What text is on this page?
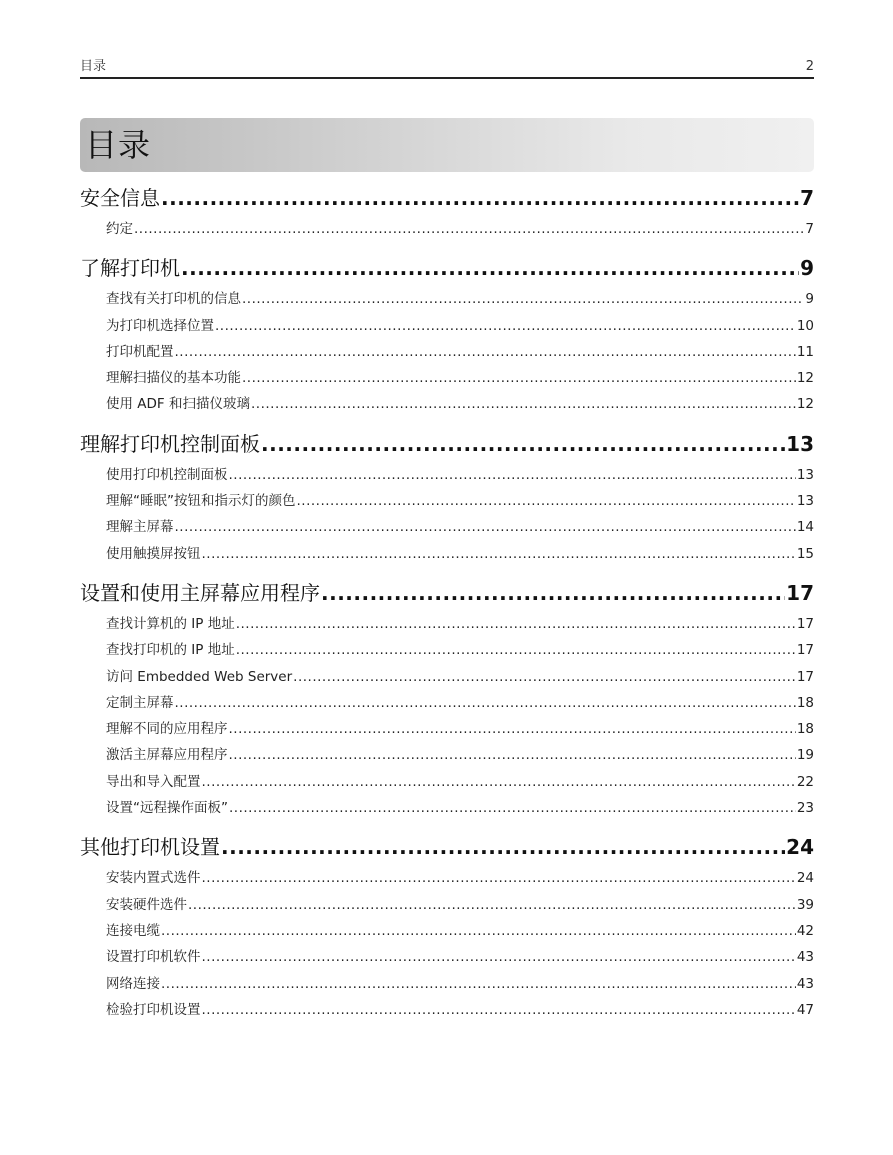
目录	2
目录
安全信息 .....	7
约定 .....	7
了解打印机 .....	9
查找有关打印机的信息 .....	9
为打印机选择位置 .....	10
打印机配置 .....	11
理解扫描仪的基本功能 .....	12
使用 ADF 和扫描仪玻璃 .....	12
理解打印机控制面板 .....	13
使用打印机控制面板 .....	13
理解“睡眠”按钮和指示灯的颜色 .....	13
理解主屏幕 .....	14
使用触摸屏按钮 .....	15
设置和使用主屏幕应用程序 .....	17
查找计算机的 IP 地址 .....	17
查找打印机的 IP 地址 .....	17
访问 Embedded Web Server .....	17
定制主屏幕 .....	18
理解不同的应用程序 .....	18
激活主屏幕应用程序 .....	19
导出和导入配置 .....	22
设置“远程操作面板” .....	23
其他打印机设置 .....	24
安装内置式选件 .....	24
安装硬件选件 .....	39
连接电缆 .....	42
设置打印机软件 .....	43
网络连接 .....	43
检验打印机设置 .....	47
